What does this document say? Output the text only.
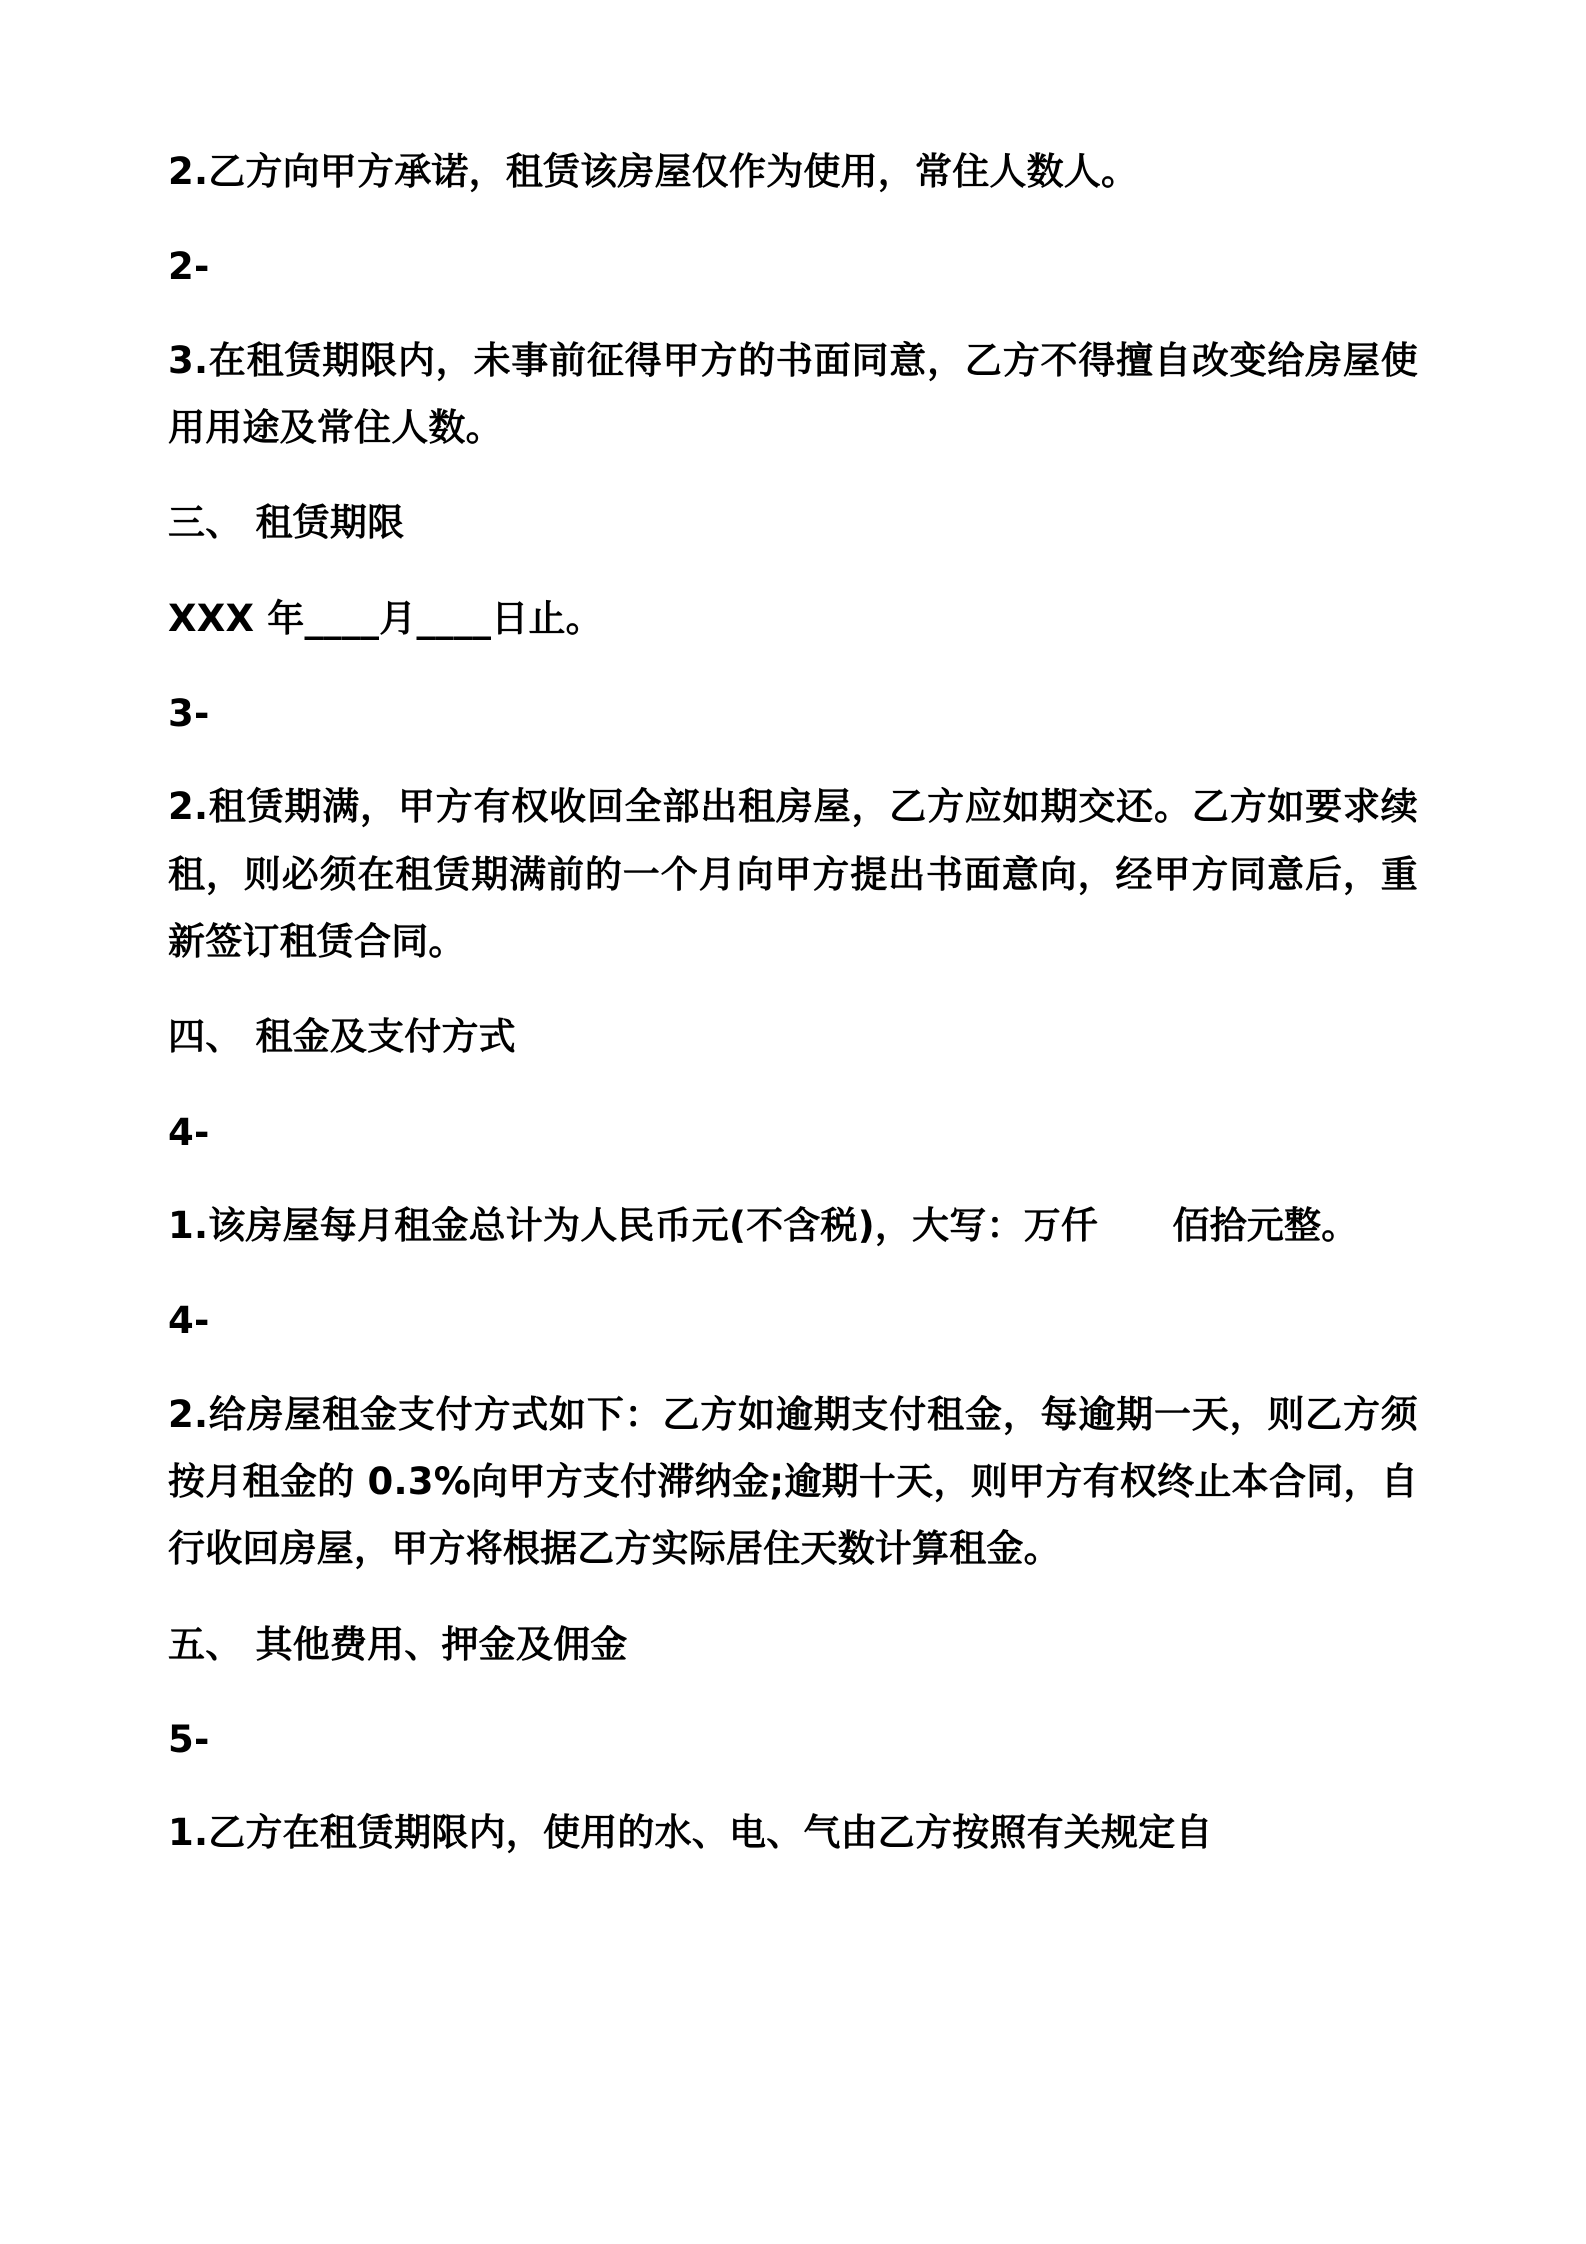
2.乙方向甲方承诺，租赁该房屋仅作为使用，常住人数人。

2-

3.在租赁期限内，未事前征得甲方的书面同意，乙方不得擅自改变给房屋使用用途及常住人数。

三、 租赁期限

XXX 年____月____日止。

3-

2.租赁期满，甲方有权收回全部出租房屋，乙方应如期交还。乙方如要求续租，则必须在租赁期满前的一个月向甲方提出书面意向，经甲方同意后，重新签订租赁合同。

四、 租金及支付方式

4-

1.该房屋每月租金总计为人民币元(不含税)，大写：万仟　　佰拾元整。

4-

2.给房屋租金支付方式如下：乙方如逾期支付租金，每逾期一天，则乙方须按月租金的 0.3%向甲方支付滞纳金;逾期十天，则甲方有权终止本合同，自行收回房屋，甲方将根据乙方实际居住天数计算租金。

五、 其他费用、押金及佣金

5-

1.乙方在租赁期限内，使用的水、电、气由乙方按照有关规定自
